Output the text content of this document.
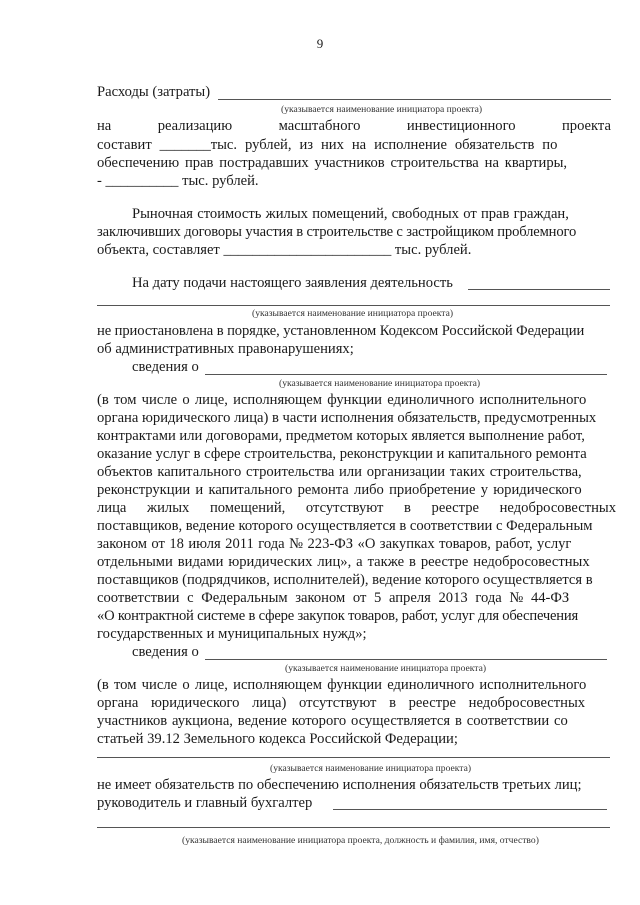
9
Расходы (затраты)
(указывается наименование инициатора проекта)
на	реализацию	масштабного	инвестиционного	проекта
составит _______тыс. рублей, из них на исполнение обязательств по
обеспечению прав пострадавших участников строительства на квартиры,
- __________ тыс. рублей.
Рыночная стоимость жилых помещений, свободных от прав граждан,
заключивших договоры участия в строительстве с застройщиком проблемного
объекта, составляет _______________________ тыс. рублей.
На дату подачи настоящего заявления деятельность
(указывается наименование инициатора проекта)
не приостановлена в порядке, установленном Кодексом Российской Федерации
об административных правонарушениях;
сведения о
(указывается наименование инициатора проекта)
(в том числе о лице, исполняющем функции единоличного исполнительного
органа юридического лица) в части исполнения обязательств, предусмотренных
контрактами или договорами, предметом которых является выполнение работ,
оказание услуг в сфере строительства, реконструкции и капитального ремонта
объектов капитального строительства или организации таких строительства,
реконструкции и капитального ремонта либо приобретение у юридического
лица жилых помещений, отсутствуют в реестре недобросовестных
поставщиков, ведение которого осуществляется в соответствии с Федеральным
законом от 18 июля 2011 года № 223-ФЗ «О закупках товаров, работ, услуг
отдельными видами юридических лиц», а также в реестре недобросовестных
поставщиков (подрядчиков, исполнителей), ведение которого осуществляется в
соответствии с Федеральным законом от 5 апреля 2013 года № 44-ФЗ
«О контрактной системе в сфере закупок товаров, работ, услуг для обеспечения
государственных и муниципальных нужд»;
сведения о
(указывается наименование инициатора проекта)
(в том числе о лице, исполняющем функции единоличного исполнительного
органа юридического лица) отсутствуют в реестре недобросовестных
участников аукциона, ведение которого осуществляется в соответствии со
статьей 39.12 Земельного кодекса Российской Федерации;
(указывается наименование инициатора проекта)
не имеет обязательств по обеспечению исполнения обязательств третьих лиц;
руководитель и главный бухгалтер
(указывается наименование инициатора проекта, должность и фамилия, имя, отчество)
